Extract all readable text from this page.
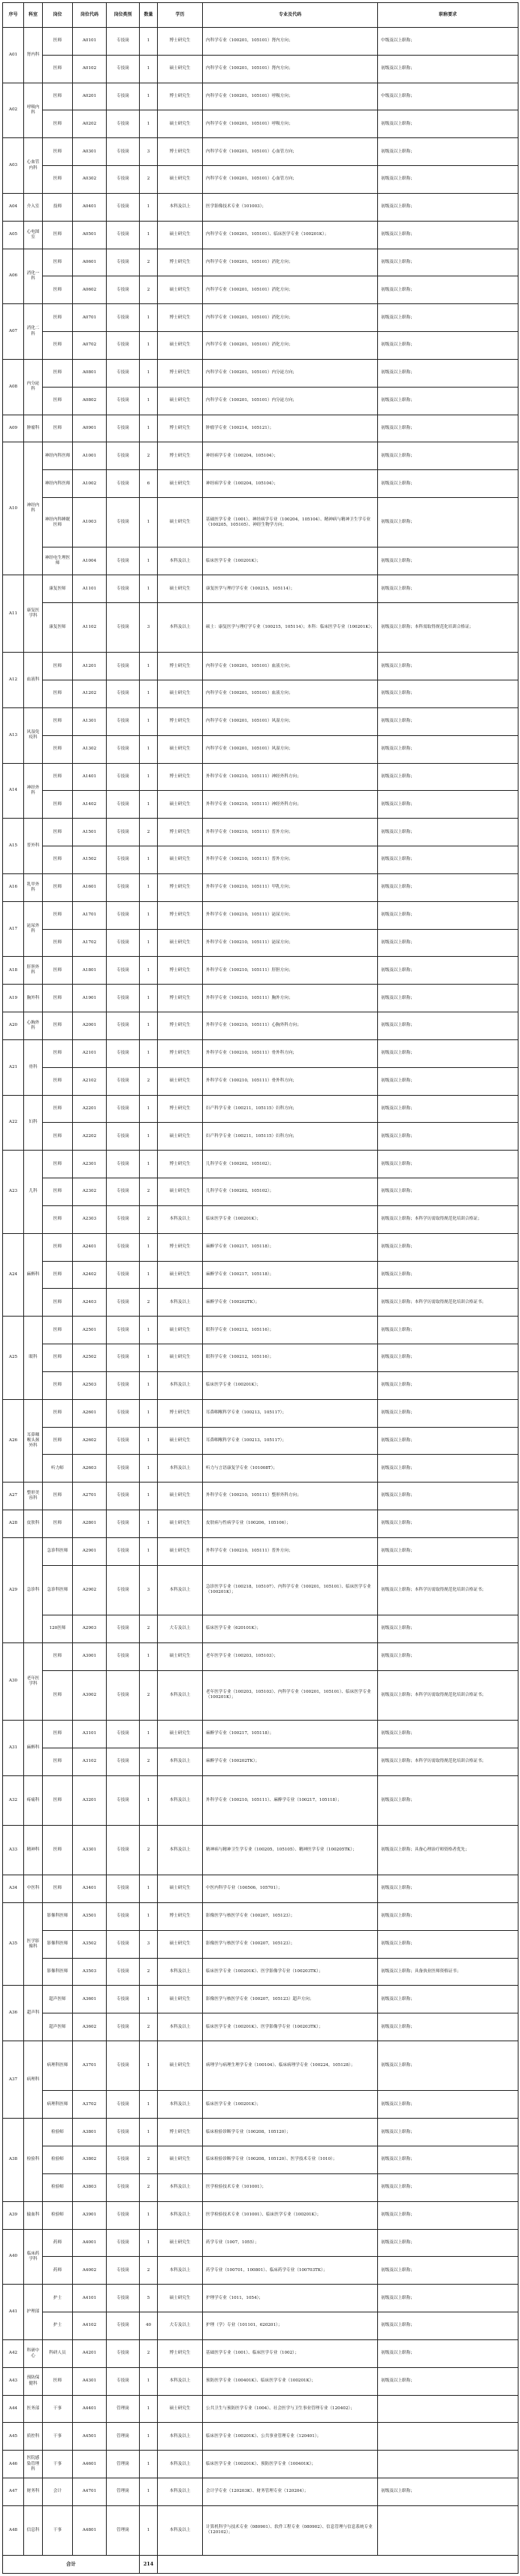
序号	科室	岗位	岗位代码	岗位类别	数量	学历	专业及代码	职称要求
A01	肾内科	医师	A0101	专技岗	1	博士研究生	内科学专业（100201，105101）肾内方向；	中级及以上职称；
		医师	A0102	专技岗	1	硕士研究生	内科学专业（100201，105101）肾内方向；	初级及以上职称；
A02	呼吸内科	医师	A0201	专技岗	1	博士研究生	内科学专业（100201，105101）呼吸方向；	中级及以上职称；
		医师	A0202	专技岗	1	硕士研究生	内科学专业（100201，105101）呼吸方向；	初级及以上职称；
A03	心血管内科	医师	A0301	专技岗	3	博士研究生	内科学专业（100201，105101）心血管方向；	初级及以上职称；
		医师	A0302	专技岗	2	硕士研究生	内科学专业（100201，105101）心血管方向；	初级及以上职称；
A04	介入室	技师	A0401	专技岗	1	本科及以上	医学影像技术专业（101003）；	初级及以上职称；
A05	心电图室	医师	A0501	专技岗	1	硕士研究生	内科学专业（100201，105101）、临床医学专业（100201K）；	初级及以上职称；
A06	消化一科	医师	A0601	专技岗	2	博士研究生	内科学专业（100201，105101）消化方向；	初级及以上职称；
		医师	A0602	专技岗	2	硕士研究生	内科学专业（100201，105101）消化方向；	初级及以上职称；
A07	消化二科	医师	A0701	专技岗	1	博士研究生	内科学专业（100201，105101）消化方向；	初级及以上职称；
		医师	A0702	专技岗	1	硕士研究生	内科学专业（100201，105101）消化方向；	初级及以上职称；
A08	内分泌科	医师	A0801	专技岗	1	博士研究生	内科学专业（100201，105101）内分泌方向；	初级及以上职称；
		医师	A0802	专技岗	1	硕士研究生	内科学专业（100201，105101）内分泌方向；	初级及以上职称；
A09	肿瘤科	医师	A0901	专技岗	1	博士研究生	肿瘤学专业（100214，105121）；	初级及以上职称；
A10	神经内科	神经内科医师	A1001	专技岗	2	博士研究生	神经病学专业（100204，105104）；	初级及以上职称；
		神经内科医师	A1002	专技岗	6	硕士研究生	神经病学专业（100204，105104）；	初级及以上职称；
		神经内科睡眠医师	A1003	专技岗	1	硕士研究生	基础医学专业（1001）、神经病学专业（100204，105104）、精神病与精神卫生学专业（100205，105105）、神经生物学方向；	初级及以上职称；
		神经电生理医师	A1004	专技岗	1	本科及以上	临床医学专业（100201K）；	初级及以上职称；
A11	康复医学科	康复医师	A1101	专技岗	1	硕士研究生	康复医学与理疗学专业（100215，105114）；	初级及以上职称；
		康复医师	A1102	专技岗	3	本科及以上	硕士：康复医学与理疗学专业（100215，105114）；本科：临床医学专业（100201K）；	初级及以上职称；本科需取得规范化培训合格证；
A12	血液科	医师	A1201	专技岗	1	博士研究生	内科学专业（100201，105101）血液方向；	初级及以上职称；
		医师	A1202	专技岗	1	硕士研究生	内科学专业（100201，105101）血液方向；	初级及以上职称；
A13	风湿免疫科	医师	A1301	专技岗	1	博士研究生	内科学专业（100201，105101）风湿方向；	初级及以上职称；
		医师	A1302	专技岗	1	硕士研究生	内科学专业（100201，105101）风湿方向；	初级及以上职称；
A14	神经外科	医师	A1401	专技岗	1	博士研究生	外科学专业（100210，105111）神经外科方向；	初级及以上职称；
		医师	A1402	专技岗	1	硕士研究生	外科学专业（100210，105111）神经外科方向；	初级及以上职称；
A15	普外科	医师	A1501	专技岗	2	博士研究生	外科学专业（100210，105111）普外方向；	初级及以上职称；
		医师	A1502	专技岗	1	硕士研究生	外科学专业（100210，105111）普外方向；	初级及以上职称；
A16	乳甲外科	医师	A1601	专技岗	1	博士研究生	外科学专业（100210，105111）甲乳方向；	初级及以上职称；
A17	泌尿外科	医师	A1701	专技岗	1	博士研究生	外科学专业（100210，105111）泌尿方向；	初级及以上职称；
		医师	A1702	专技岗	1	硕士研究生	外科学专业（100210，105111）泌尿方向；	初级及以上职称；
A18	肝胆外科	医师	A1801	专技岗	1	博士研究生	外科学专业（100210，105111）肝胆方向；	初级及以上职称；
A19	胸外科	医师	A1901	专技岗	1	博士研究生	外科学专业（100210，105111）胸外方向；	初级及以上职称；
A20	心胸外科	医师	A2001	专技岗	1	博士研究生	外科学专业（100210，105111）心胸外科方向；	初级及以上职称；
A21	骨科	医师	A2101	专技岗	1	博士研究生	外科学专业（100210，105111）骨外科方向；	初级及以上职称；
		医师	A2102	专技岗	2	硕士研究生	外科学专业（100210，105111）骨外科方向；	初级及以上职称；
A22	妇科	医师	A2201	专技岗	1	博士研究生	妇产科学专业（100211，105115）妇科方向；	初级及以上职称；
		医师	A2202	专技岗	1	硕士研究生	妇产科学专业（100211，105115）妇科方向；	初级及以上职称；
A23	儿科	医师	A2301	专技岗	1	博士研究生	儿科学专业（100202，105102）；	初级及以上职称；
		医师	A2302	专技岗	2	硕士研究生	儿科学专业（100202，105102）；	初级及以上职称；
		医师	A2303	专技岗	2	本科及以上	临床医学专业（100201K）；	初级及以上职称；本科学历需取得规范化培训合格证；
A24	麻醉科	医师	A2401	专技岗	1	博士研究生	麻醉学专业（100217，105118）；	初级及以上职称；
		医师	A2402	专技岗	1	硕士研究生	麻醉学专业（100217，105118）；	初级及以上职称；
		医师	A2403	专技岗	2	本科及以上	麻醉学专业（100202TK）；	初级及以上职称；本科学历需取得规范化培训合格证书；
A25	眼科	医师	A2501	专技岗	1	硕士研究生	眼科学专业（100212，105116）；	初级及以上职称；
		医师	A2502	专技岗	1	硕士研究生	眼科学专业（100212，105116）；	初级及以上职称；
		医师	A2503	专技岗	1	本科及以上	临床医学专业（100201K）；	初级及以上职称；
A26	耳鼻咽喉头颈外科	医师	A2601	专技岗	1	博士研究生	耳鼻咽喉科学专业（100213，105117）；	初级及以上职称；
		医师	A2602	专技岗	1	硕士研究生	耳鼻咽喉科学专业（100213，105117）；	初级及以上职称；
		听力师	A2603	专技岗	1	本科及以上	听力与言语康复学专业（101008T）；	初级及以上职称；
A27	整形美容科	医师	A2701	专技岗	1	硕士研究生	外科学专业（100210，105111）整形外科方向；	初级及以上职称；
A28	皮肤科	医师	A2801	专技岗	1	硕士研究生	皮肤病与性病学专业（100206，105106）；	初级及以上职称；
A29	急诊科	急诊科医师	A2901	专技岗	1	硕士研究生	外科学专业（100210，105111）普外方向；	初级及以上职称；
		急诊科医师	A2902	专技岗	3	本科及以上	急诊医学专业（100218，105107）、内科学专业（100201，105101）、临床医学专业（100201K）；	初级及以上职称；本科学历需取得规范化培训合格证书；
		120医师	A2903	专技岗	2	大专及以上	临床医学专业（620101K）；	初级及以上职称；
A30	老年医学科	医师	A3001	专技岗	1	硕士研究生	老年医学专业（100203，105103）；	初级及以上职称；
		医师	A3002	专技岗	2	本科及以上	老年医学专业（100203，105103）、内科学专业（100201，105101）、临床医学专业（100201K）；	初级及以上职称；本科学历需取得规范化培训合格证书；
A31	麻醉科	医师	A3101	专技岗	1	硕士研究生	麻醉学专业（100217，105118）；	初级及以上职称；
		医师	A3102	专技岗	2	本科及以上	麻醉学专业（100202TK）；	初级及以上职称；本科学历需取得规范化培训合格证书；
A32	疼痛科	医师	A3201	专技岗	1	本科及以上	外科学专业（100210，105111）、麻醉学专业（100217，105118）；	初级及以上职称；
A33	精神科	医师	A3301	专技岗	2	本科及以上	精神病与精神卫生学专业（100205，105105）、精神医学专业（100205TK）；	初级及以上职称；具备心理治疗师资格者优先；
A34	中医科	医师	A3401	专技岗	1	硕士研究生	中医内科学专业（100506，105701）；	初级及以上职称；
A35	医学影像科	影像科医师	A3501	专技岗	1	博士研究生	影像医学与核医学专业（100207，105123）；	初级及以上职称；
		影像科医师	A3502	专技岗	3	硕士研究生	影像医学与核医学专业（100207，105123）；	初级及以上职称；
		影像科医师	A3503	专技岗	2	本科及以上	临床医学专业（100201K）、医学影像学专业（100203TK）；	初级及以上职称；具备执业医师资格证书；
A36	超声科	超声医师	A3601	专技岗	1	硕士研究生	影像医学与核医学专业（100207，105123）超声方向；	初级及以上职称；
		超声医师	A3602	专技岗	2	本科及以上	临床医学专业（100201K）、医学影像学专业（100203TK）；	初级及以上职称；
A37	病理科	病理科医师	A3701	专技岗	1	硕士研究生	病理学与病理生理学专业（100104）、临床病理学专业（100224，105128）；	初级及以上职称；
		病理科医师	A3702	专技岗	1	本科及以上	临床医学专业（100201K）；	初级及以上职称；
A38	检验科	检验师	A3801	专技岗	1	博士研究生	临床检验诊断学专业（100208，105120）；	初级及以上职称；
		检验师	A3802	专技岗	2	硕士研究生	临床检验诊断学专业（100208，105120）、医学技术专业（1010）；	初级及以上职称；
		检验师	A3803	专技岗	2	本科及以上	医学检验技术专业（101001）；	初级及以上职称；
A39	输血科	检验师	A3901	专技岗	1	本科及以上	医学检验技术专业（101001）、临床医学专业（100201K）；	初级及以上职称；
A40	临床药学科	药师	A4001	专技岗	1	硕士研究生	药学专业（1007，1055）；	初级及以上职称；
		药师	A4002	专技岗	2	本科及以上	药学专业（100701，100801）、临床药学专业（100703TK）；	初级及以上职称；
A41	护理部	护士	A4101	专技岗	5	硕士研究生	护理学专业（1011，1054）；	初级及以上职称；
		护士	A4102	专技岗	40	大专及以上	护理（学）专业（101101，620201）；	初级及以上职称；
A42	科研中心	科研人员	A4201	专技岗	2	博士研究生	基础医学专业（1001）、临床医学专业（1002）；	初级及以上职称；
A43	预防保健科	医师	A4301	专技岗	1	本科及以上	预防医学专业（100401K）、临床医学专业（100201K）；	初级及以上职称；
A44	医务部	干事	A4401	管理岗	1	硕士研究生	公共卫生与预防医学专业（1004）、社会医学与卫生事业管理专业（120402）；	
A45	质控科	干事	A4501	管理岗	1	本科及以上	临床医学专业（100201K）、公共事业管理专业（120401）；	
A46	医院感染管理科	干事	A4601	管理岗	1	本科及以上	临床医学专业（100201K）、预防医学专业（100401K）；	
A47	财务科	会计	A4701	管理岗	1	本科及以上	会计学专业（120203K）、财务管理专业（120204）；	初级及以上职称；
A48	信息科	干事	A4801	管理岗	1	本科及以上	计算机科学与技术专业（080901）、软件工程专业（080902）、信息管理与信息系统专业（120102）；	
合计					214			
